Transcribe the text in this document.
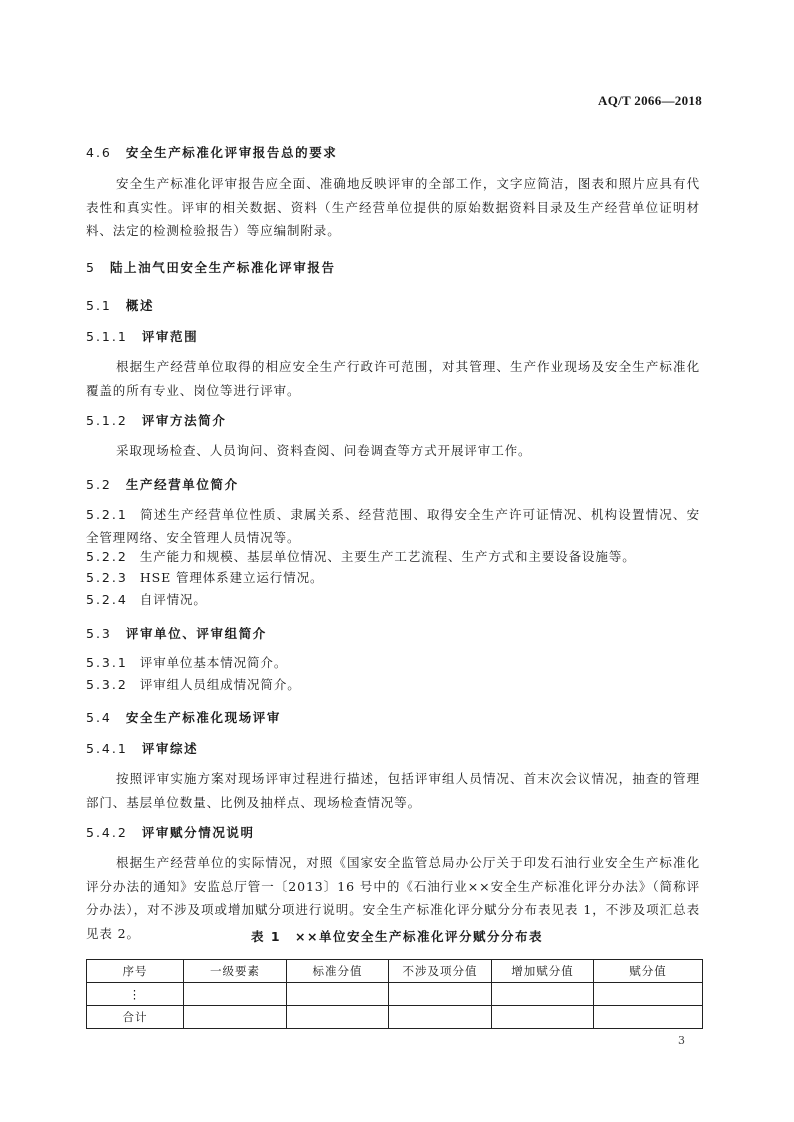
AQ/T 2066—2018
4.6 安全生产标准化评审报告总的要求
安全生产标准化评审报告应全面、准确地反映评审的全部工作，文字应简洁，图表和照片应具有代表性和真实性。评审的相关数据、资料（生产经营单位提供的原始数据资料目录及生产经营单位证明材料、法定的检测检验报告）等应编制附录。
5 陆上油气田安全生产标准化评审报告
5.1 概述
5.1.1 评审范围
根据生产经营单位取得的相应安全生产行政许可范围，对其管理、生产作业现场及安全生产标准化覆盖的所有专业、岗位等进行评审。
5.1.2 评审方法简介
采取现场检查、人员询问、资料查阅、问卷调查等方式开展评审工作。
5.2 生产经营单位简介
5.2.1 简述生产经营单位性质、隶属关系、经营范围、取得安全生产许可证情况、机构设置情况、安全管理网络、安全管理人员情况等。
5.2.2 生产能力和规模、基层单位情况、主要生产工艺流程、生产方式和主要设备设施等。
5.2.3 HSE 管理体系建立运行情况。
5.2.4 自评情况。
5.3 评审单位、评审组简介
5.3.1 评审单位基本情况简介。
5.3.2 评审组人员组成情况简介。
5.4 安全生产标准化现场评审
5.4.1 评审综述
按照评审实施方案对现场评审过程进行描述，包括评审组人员情况、首末次会议情况，抽查的管理部门、基层单位数量、比例及抽样点、现场检查情况等。
5.4.2 评审赋分情况说明
根据生产经营单位的实际情况，对照《国家安全监管总局办公厅关于印发石油行业安全生产标准化评分办法的通知》安监总厅管一〔2013〕16 号中的《石油行业××安全生产标准化评分办法》（简称评分办法），对不涉及项或增加赋分项进行说明。安全生产标准化评分赋分分布表见表 1，不涉及项汇总表见表 2。	表 1　××单位安全生产标准化评分赋分分布表
序号	一级要素	标准分值	不涉及项分值	增加赋分值	赋分值
⋮					
合计					
3
